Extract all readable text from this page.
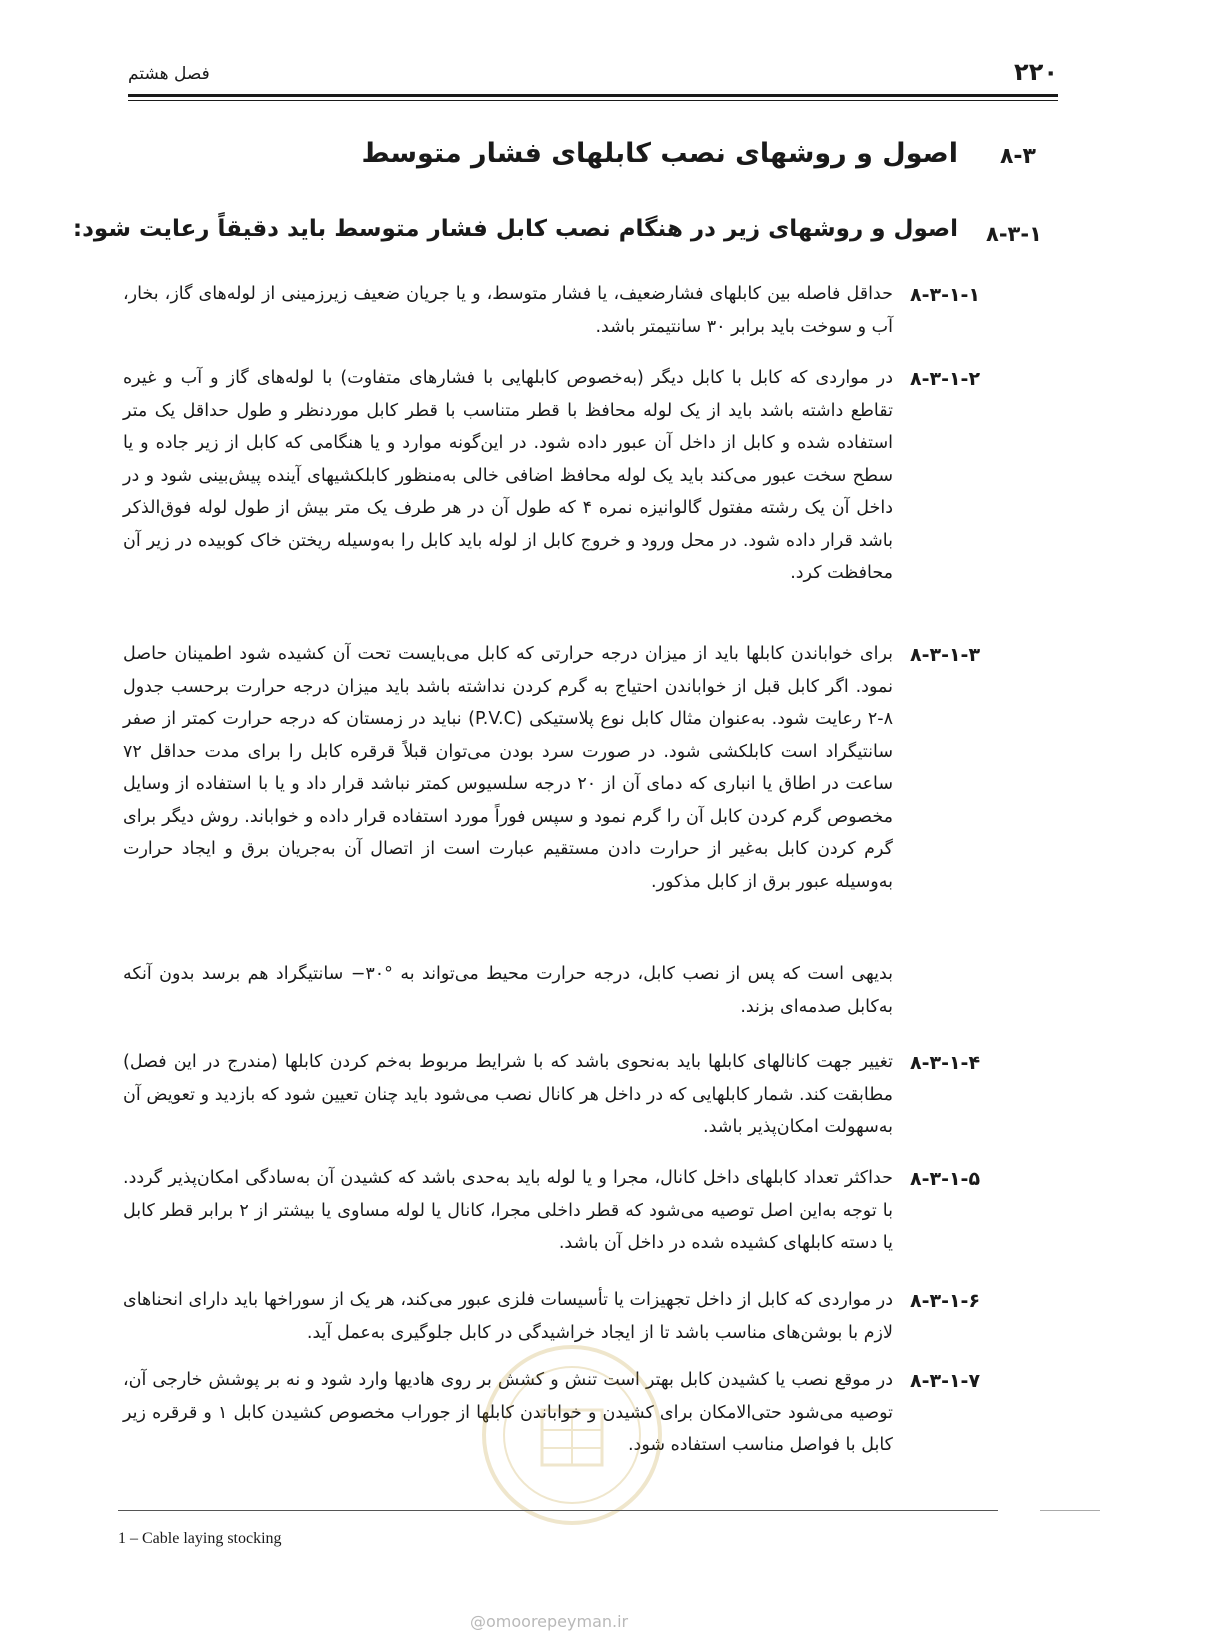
۲۲۰
فصل هشتم
۸-۳
اصول و روشهای نصب کابلهای فشار متوسط
۸-۳-۱
اصول و روشهای زیر در هنگام نصب کابل فشار متوسط باید دقیقاً رعایت شود:
۸-۳-۱-۱

حداقل فاصله بین کابلهای فشارضعیف، یا فشار متوسط، و یا جریان ضعیف زیرزمینی از لوله‌های گاز، بخار، آب و سوخت باید برابر ۳۰ سانتیمتر باشد.

۸-۳-۱-۲

در مواردی که کابل با کابل دیگر (به‌خصوص کابلهایی با فشارهای متفاوت) با لوله‌های گاز و آب و غیره تقاطع داشته باشد باید از یک لوله محافظ با قطر متناسب با قطر کابل موردنظر و طول حداقل یک متر استفاده شده و کابل از داخل آن عبور داده شود. در این‌گونه موارد و یا هنگامی که کابل از زیر جاده و یا سطح سخت عبور می‌کند باید یک لوله محافظ اضافی خالی به‌منظور کابلکشیهای آینده پیش‌بینی شود و در داخل آن یک رشته مفتول گالوانیزه نمره ۴ که طول آن در هر طرف یک متر بیش از طول لوله فوق‌الذکر باشد قرار داده شود. در محل ورود و خروج کابل از لوله باید کابل را به‌وسیله ریختن خاک کوبیده در زیر آن محافظت کرد.

۸-۳-۱-۳

برای خواباندن کابلها باید از میزان درجه حرارتی که کابل می‌بایست تحت آن کشیده شود اطمینان حاصل نمود. اگر کابل قبل از خواباندن احتیاج به گرم کردن نداشته باشد باید میزان درجه حرارت برحسب جدول ۸-۲ رعایت شود. به‌عنوان مثال کابل نوع پلاستیکی (P.V.C) نباید در زمستان که درجه حرارت کمتر از صفر سانتیگراد است کابلکشی شود. در صورت سرد بودن می‌توان قبلاً قرقره کابل را برای مدت حداقل ۷۲ ساعت در اطاق یا انباری که دمای آن از ۲۰ درجه سلسیوس کمتر نباشد قرار داد و یا با استفاده از وسایل مخصوص گرم کردن کابل آن را گرم نمود و سپس فوراً مورد استفاده قرار داده و خواباند. روش دیگر برای گرم کردن کابل به‌غیر از حرارت دادن مستقیم عبارت است از اتصال آن به‌جریان برق و ایجاد حرارت به‌وسیله عبور برق از کابل مذکور.

بدیهی است که پس از نصب کابل، درجه حرارت محیط می‌تواند به ‎−۳۰°‎ سانتیگراد هم برسد بدون آنکه به‌کابل صدمه‌ای بزند.

۸-۳-۱-۴

تغییر جهت کانالهای کابلها باید به‌نحوی باشد که با شرایط مربوط به‌خم کردن کابلها (مندرج در این فصل) مطابقت کند. شمار کابلهایی که در داخل هر کانال نصب می‌شود باید چنان تعیین شود که بازدید و تعویض آن به‌سهولت امکان‌پذیر باشد.

۸-۳-۱-۵

حداکثر تعداد کابلهای داخل کانال، مجرا و یا لوله باید به‌حدی باشد که کشیدن آن به‌سادگی امکان‌پذیر گردد. با توجه به‌این اصل توصیه می‌شود که قطر داخلی مجرا، کانال یا لوله مساوی یا بیشتر از ۲ برابر قطر کابل یا دسته کابلهای کشیده شده در داخل آن باشد.

۸-۳-۱-۶

در مواردی که کابل از داخل تجهیزات یا تأسیسات فلزی عبور می‌کند، هر یک از سوراخها باید دارای انحناهای لازم با بوشن‌های مناسب باشد تا از ایجاد خراشیدگی در کابل جلوگیری به‌عمل آید.

۸-۳-۱-۷

در موقع نصب یا کشیدن کابل بهتر است تنش و کشش بر روی هادیها وارد شود و نه بر پوشش خارجی آن، توصیه می‌شود حتی‌الامکان برای کشیدن و خواباندن کابلها از جوراب مخصوص کشیدن کابل ۱ و قرقره زیر کابل با فواصل مناسب استفاده شود.

1 – Cable laying stocking

@omoorepeyman.ir
